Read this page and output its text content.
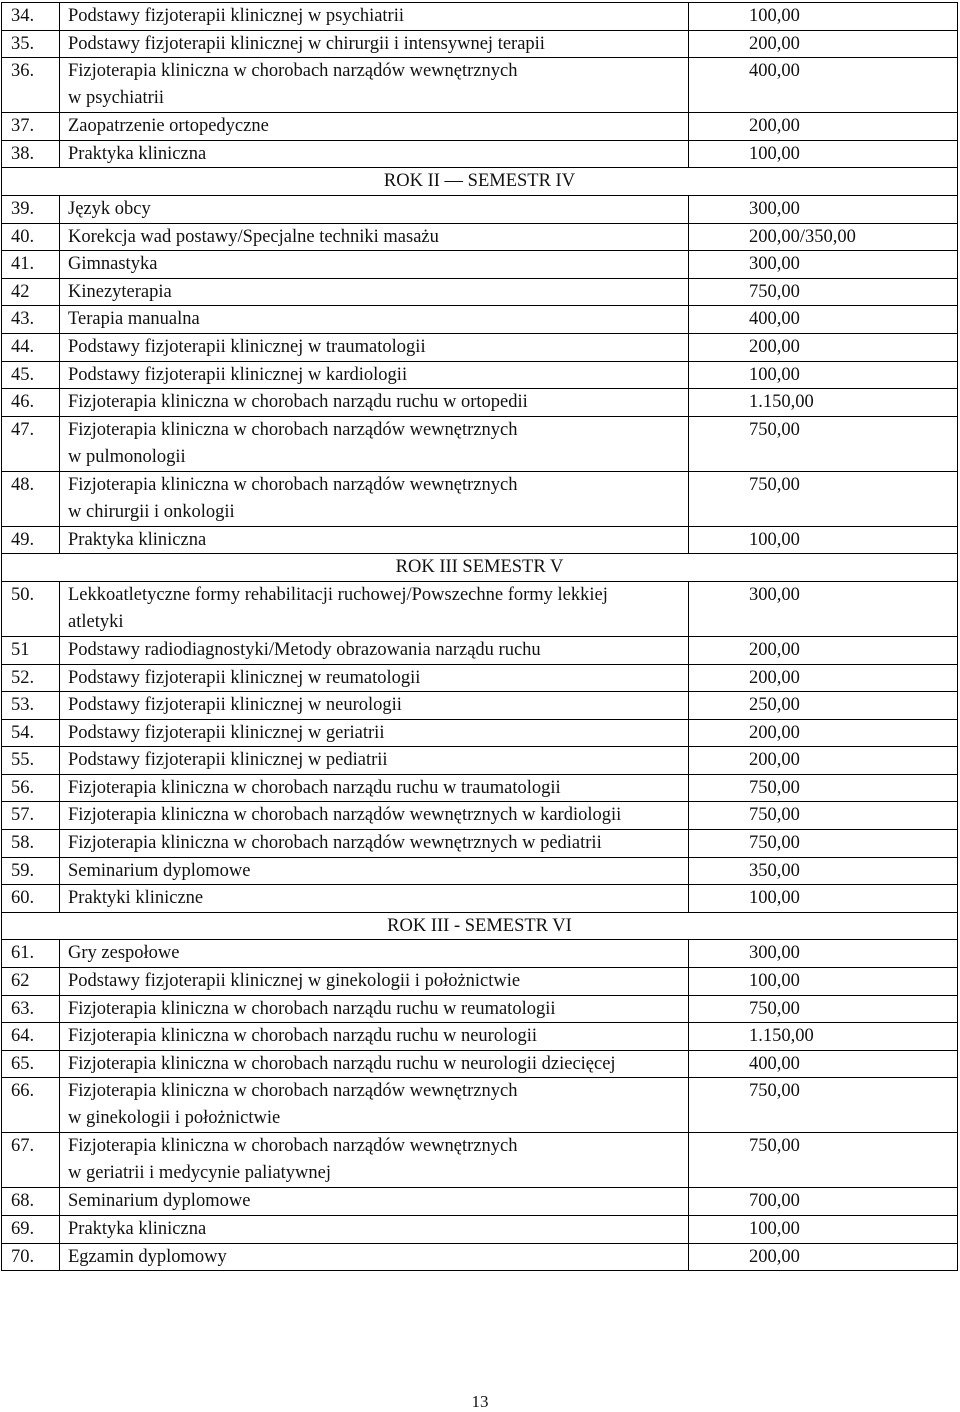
34.	Podstawy fizjoterapii klinicznej w psychiatrii	100,00
35.	Podstawy fizjoterapii klinicznej w chirurgii i intensywnej terapii	200,00
36.	Fizjoterapia kliniczna w chorobach narządów wewnętrznych
w psychiatrii	400,00
37.	Zaopatrzenie ortopedyczne	200,00
38.	Praktyka kliniczna	100,00
ROK II — SEMESTR IV		
39.	Język obcy	300,00
40.	Korekcja wad postawy/Specjalne techniki masażu	200,00/350,00
41.	Gimnastyka	300,00
42	Kinezyterapia	750,00
43.	Terapia manualna	400,00
44.	Podstawy fizjoterapii klinicznej w traumatologii	200,00
45.	Podstawy fizjoterapii klinicznej w kardiologii	100,00
46.	Fizjoterapia kliniczna w chorobach narządu ruchu w ortopedii	1.150,00
47.	Fizjoterapia kliniczna w chorobach narządów wewnętrznych
w pulmonologii	750,00
48.	Fizjoterapia kliniczna w chorobach narządów wewnętrznych
w chirurgii i onkologii	750,00
49.	Praktyka kliniczna	100,00
ROK III SEMESTR V		
50.	Lekkoatletyczne formy rehabilitacji ruchowej/Powszechne formy lekkiej
atletyki	300,00
51	Podstawy radiodiagnostyki/Metody obrazowania narządu ruchu	200,00
52.	Podstawy fizjoterapii klinicznej w reumatologii	200,00
53.	Podstawy fizjoterapii klinicznej w neurologii	250,00
54.	Podstawy fizjoterapii klinicznej w geriatrii	200,00
55.	Podstawy fizjoterapii klinicznej w pediatrii	200,00
56.	Fizjoterapia kliniczna w chorobach narządu ruchu w traumatologii	750,00
57.	Fizjoterapia kliniczna w chorobach narządów wewnętrznych w kardiologii	750,00
58.	Fizjoterapia kliniczna w chorobach narządów wewnętrznych w pediatrii	750,00
59.	Seminarium dyplomowe	350,00
60.	Praktyki kliniczne	100,00
ROK III - SEMESTR VI		
61.	Gry zespołowe	300,00
62	Podstawy fizjoterapii klinicznej w ginekologii i położnictwie	100,00
63.	Fizjoterapia kliniczna w chorobach narządu ruchu w reumatologii	750,00
64.	Fizjoterapia kliniczna w chorobach narządu ruchu w neurologii	1.150,00
65.	Fizjoterapia kliniczna w chorobach narządu ruchu w neurologii dziecięcej	400,00
66.	Fizjoterapia kliniczna w chorobach narządów wewnętrznych
w ginekologii i położnictwie	750,00
67.	Fizjoterapia kliniczna w chorobach narządów wewnętrznych
w geriatrii i medycynie paliatywnej	750,00
68.	Seminarium dyplomowe	700,00
69.	Praktyka kliniczna	100,00
70.	Egzamin dyplomowy	200,00
13
